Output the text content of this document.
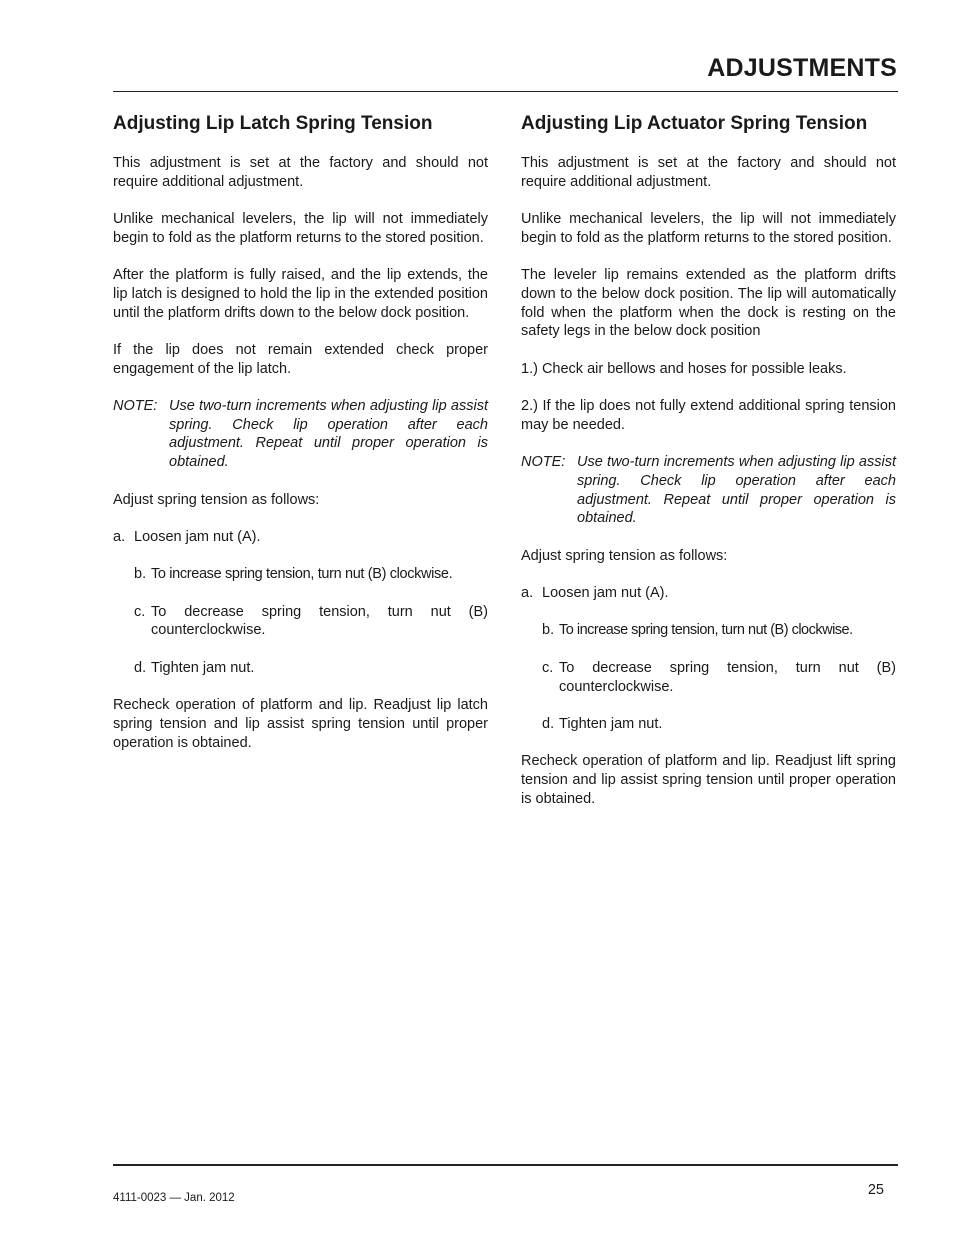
ADJUSTMENTS
Adjusting Lip Latch Spring Tension

This adjustment is set at the factory and should not require additional adjustment.

Unlike mechanical levelers, the lip will not immediately begin to fold as the platform returns to the stored position.

After the platform is fully raised, and the lip extends, the lip latch is designed to hold the lip in the extended position until the platform drifts down to the below dock position.

If the lip does not remain extended check proper engagement of the lip latch.

NOTE: Use two-turn increments when adjusting lip assist spring. Check lip operation after each adjustment. Repeat until proper operation is obtained.

Adjust spring tension as follows:

a. Loosen jam nut (A).
b. To increase spring tension, turn nut (B) clockwise.
c. To decrease spring tension, turn nut (B) counterclockwise.
d. Tighten jam nut.

Recheck operation of platform and lip. Readjust lip latch spring tension and lip assist spring tension until proper operation is obtained.

Adjusting Lip Actuator Spring Tension

This adjustment is set at the factory and should not require additional adjustment.

Unlike mechanical levelers, the lip will not immediately begin to fold as the platform returns to the stored position.

The leveler lip remains extended as the platform drifts down to the below dock position. The lip will automatically fold when the platform when the dock is resting on the safety legs in the below dock position

1.) Check air bellows and hoses for possible leaks.

2.) If the lip does not fully extend additional spring tension may be needed.

NOTE: Use two-turn increments when adjusting lip assist spring. Check lip operation after each adjustment. Repeat until proper operation is obtained.

Adjust spring tension as follows:

a. Loosen jam nut (A).
b. To increase spring tension, turn nut (B) clockwise.
c. To decrease spring tension, turn nut (B) counterclockwise.
d. Tighten jam nut.

Recheck operation of platform and lip. Readjust lift spring tension and lip assist spring tension until proper operation is obtained.

25
4111-0023 — Jan. 2012
